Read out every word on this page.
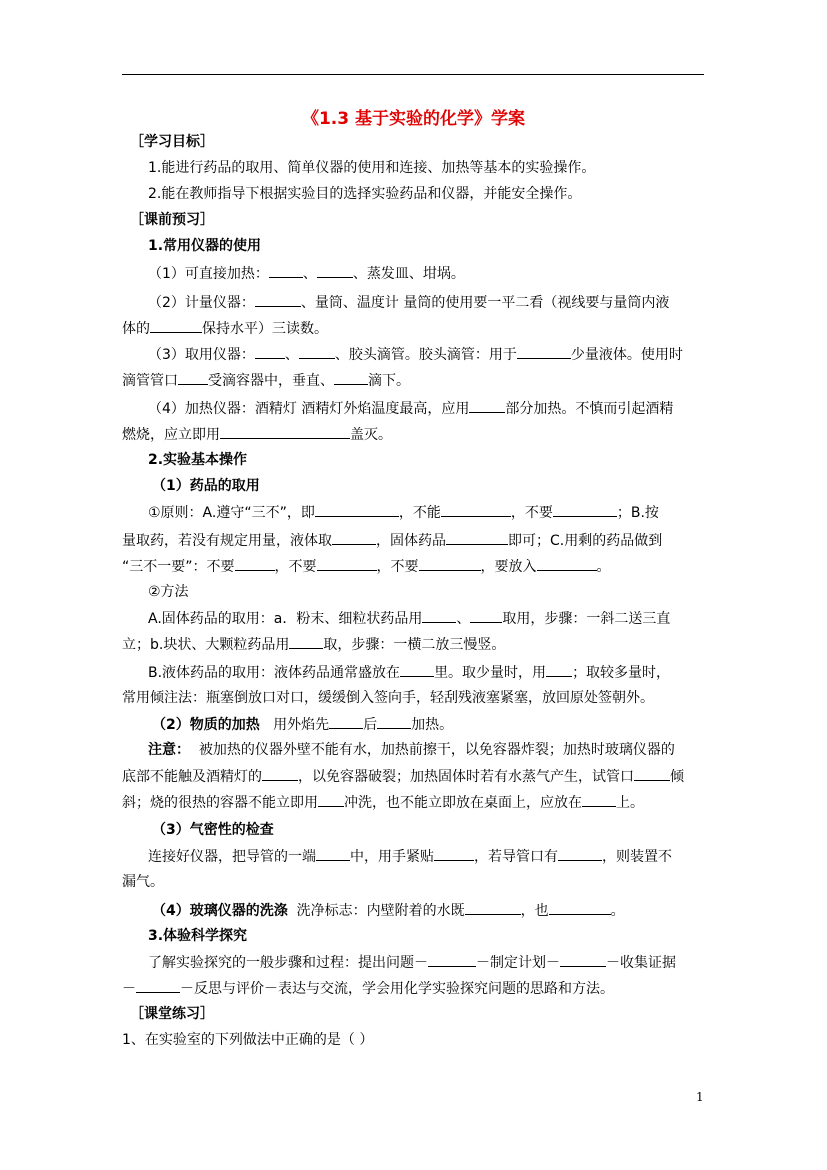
《1.3 基于实验的化学》学案
［学习目标］
1.能进行药品的取用、简单仪器的使用和连接、加热等基本的实验操作。
2.能在教师指导下根据实验目的选择实验药品和仪器，并能安全操作。
［课前预习］
1.常用仪器的使用
（1）可直接加热： 、	、蒸发皿、坩埚。
（2）计量仪器：	、量筒、温度计 量筒的使用要一平二看（视线要与量筒内液
体的	保持水平）三读数。
（3）取用仪器： 、	、胶头滴管。胶头滴管：用于	少量液体。使用时
滴管管口 受滴容器中，垂直、 滴下。
（4）加热仪器：酒精灯 酒精灯外焰温度最高，应用	部分加热。不慎而引起酒精
燃烧，应立即用	盖灭。
2.实验基本操作
（1）药品的取用
①原则：A.遵守“三不”，即	，不能	，不要	；B.按
量取药，若没有规定用量，液体取	，固体药品	即可；C.用剩的药品做到
“三不一要”：不要	，不要	，不要	，要放入	。
②方法
A.固体药品的取用：a．粉末、细粒状药品用 、 取用，步骤：一斜二送三直
立；b.块状、大颗粒药品用 取，步骤：一横二放三慢竖。
B.液体药品的取用：液体药品通常盛放在 里。取少量时，用 ；取较多量时，
常用倾注法：瓶塞倒放口对口，缓缓倒入签向手，轻刮残液塞紧塞，放回原处签朝外。
（2）物质的加热 用外焰先 后 加热。
注意： 被加热的仪器外壁不能有水，加热前擦干，以免容器炸裂；加热时玻璃仪器的
底部不能触及酒精灯的	，以免容器破裂；加热固体时若有水蒸气产生，试管口	倾
斜；烧的很热的容器不能立即用 冲洗，也不能立即放在桌面上，应放在 上。
（3）气密性的检查
连接好仪器，把导管的一端 中，用手紧贴	，若导管口有	，则装置不
漏气。
（4）玻璃仪器的洗涤 洗净标志：内壁附着的水既	，也	。
3.体验科学探究
了解实验探究的一般步骤和过程：提出问题－	－制定计划－	－收集证据
－	－反思与评价－表达与交流，学会用化学实验探究问题的思路和方法。
［课堂练习］
1、在实验室的下列做法中正确的是（ ）
1
